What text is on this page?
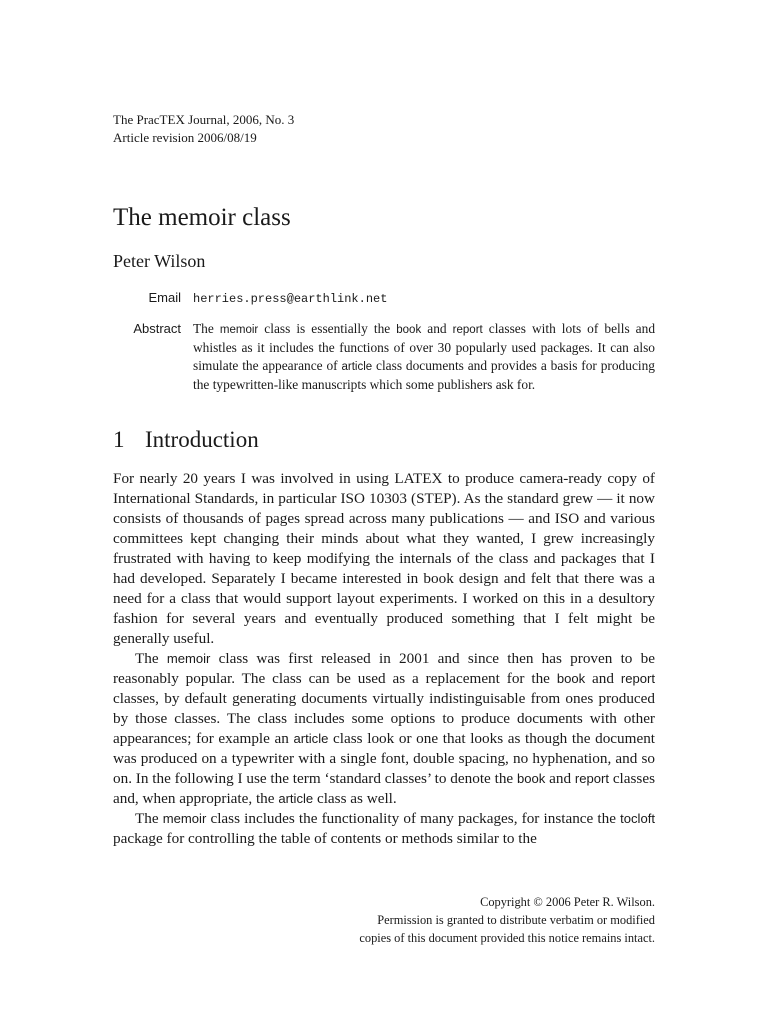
The PracTEX Journal, 2006, No. 3
Article revision 2006/08/19
The memoir class
Peter Wilson
Email herries.press@earthlink.net
Abstract The memoir class is essentially the book and report classes with lots of bells and whistles as it includes the functions of over 30 popularly used packages. It can also simulate the appearance of article class documents and provides a basis for producing the typewritten-like manuscripts which some publishers ask for.
1 Introduction

For nearly 20 years I was involved in using LATEX to produce camera-ready copy of International Standards, in particular ISO 10303 (STEP). As the standard grew — it now consists of thousands of pages spread across many publications — and ISO and various committees kept changing their minds about what they wanted, I grew increasingly frustrated with having to keep modifying the internals of the class and packages that I had developed. Separately I became interested in book design and felt that there was a need for a class that would support layout experiments. I worked on this in a desultory fashion for several years and eventually produced something that I felt might be generally useful.

The memoir class was first released in 2001 and since then has proven to be reasonably popular. The class can be used as a replacement for the book and report classes, by default generating documents virtually indistinguisable from ones produced by those classes. The class includes some options to produce documents with other appearances; for example an article class look or one that looks as though the document was produced on a typewriter with a single font, double spacing, no hyphenation, and so on. In the following I use the term ‘standard classes’ to denote the book and report classes and, when appropriate, the article class as well.

The memoir class includes the functionality of many packages, for instance the tocloft package for controlling the table of contents or methods similar to the

Copyright © 2006 Peter R. Wilson.
Permission is granted to distribute verbatim or modified
copies of this document provided this notice remains intact.
